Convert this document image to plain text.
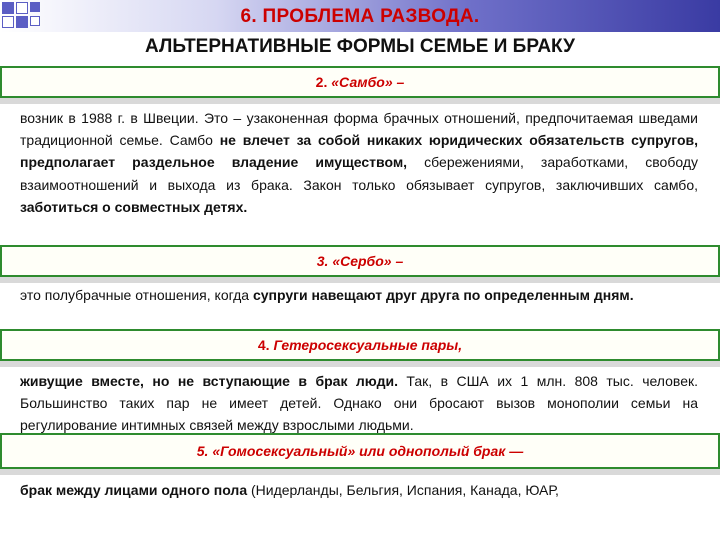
6. ПРОБЛЕМА РАЗВОДА.
АЛЬТЕРНАТИВНЫЕ ФОРМЫ СЕМЬЕ И БРАКУ
2. «Самбо» –
возник в 1988 г. в Швеции. Это – узаконенная форма брачных отношений, предпочитаемая шведами традиционной семье. Самбо не влечет за собой никаких юридических обязательств супругов, предполагает раздельное владение имуществом, сбережениями, заработками, свободу взаимоотношений и выхода из брака. Закон только обязывает супругов, заключивших самбо, заботиться о совместных детях.
3. «Сербо» –
это полубрачные отношения, когда супруги навещают друг друга по определенным дням.
4. Гетеросексуальные пары,
живущие вместе, но не вступающие в брак люди. Так, в США их 1 млн. 808 тыс. человек. Большинство таких пар не имеет детей. Однако они бросают вызов монополии семьи на регулирование интимных связей между взрослыми людьми.
5. «Гомосексуальный» или однополый брак —
брак между лицами одного пола (Нидерланды, Бельгия, Испания, Канада, ЮАР,
